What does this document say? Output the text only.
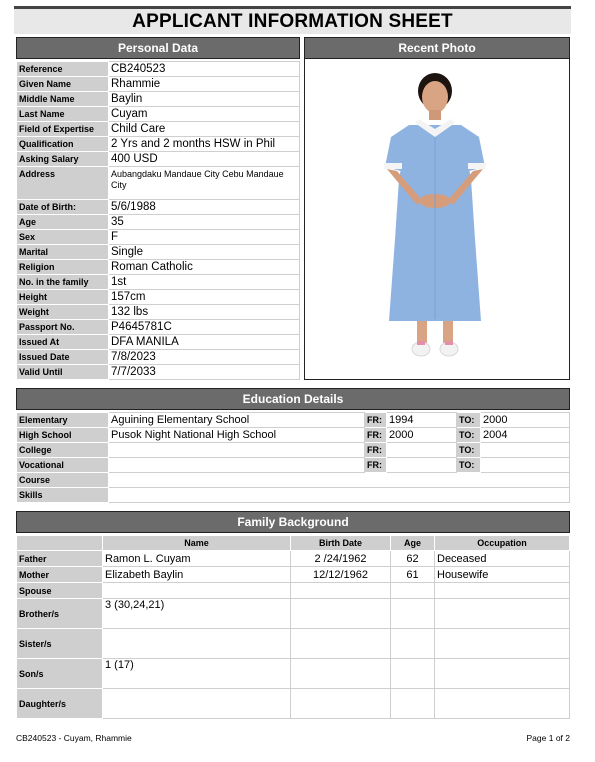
APPLICANT INFORMATION SHEET
Personal Data
Reference	CB240523
Given Name	Rhammie
Middle Name	Baylin
Last Name	Cuyam
Field of Expertise	Child Care
Qualification	2 Yrs and 2 months HSW in Phil
Asking Salary	400 USD
Address	Aubangdaku Mandaue City Cebu Mandaue City
Date of Birth:	5/6/1988
Age	35
Sex	F
Marital	Single
Religion	Roman Catholic
No. in the family	1st
Height	157cm
Weight	132 lbs
Passport No.	P4645781C
Issued At	DFA MANILA
Issued Date	7/8/2023
Valid Until	7/7/2033
Recent Photo
Education Details
Elementary	Aguining Elementary School	FR:	1994	TO:	2000
High School	Pusok Night National High School	FR:	2000	TO:	2004
College		FR:		TO:	
Vocational		FR:		TO:	
Course					
Skills					
Family Background
	Name	Birth Date	Age	Occupation
Father	Ramon L. Cuyam	2 /24/1962	62	Deceased
Mother	Elizabeth Baylin	12/12/1962	61	Housewife
Spouse				
Brother/s	3 (30,24,21)			
Sister/s				
Son/s	1 (17)			
Daughter/s				
CB240523 - Cuyam, Rhammie	Page 1 of 2
